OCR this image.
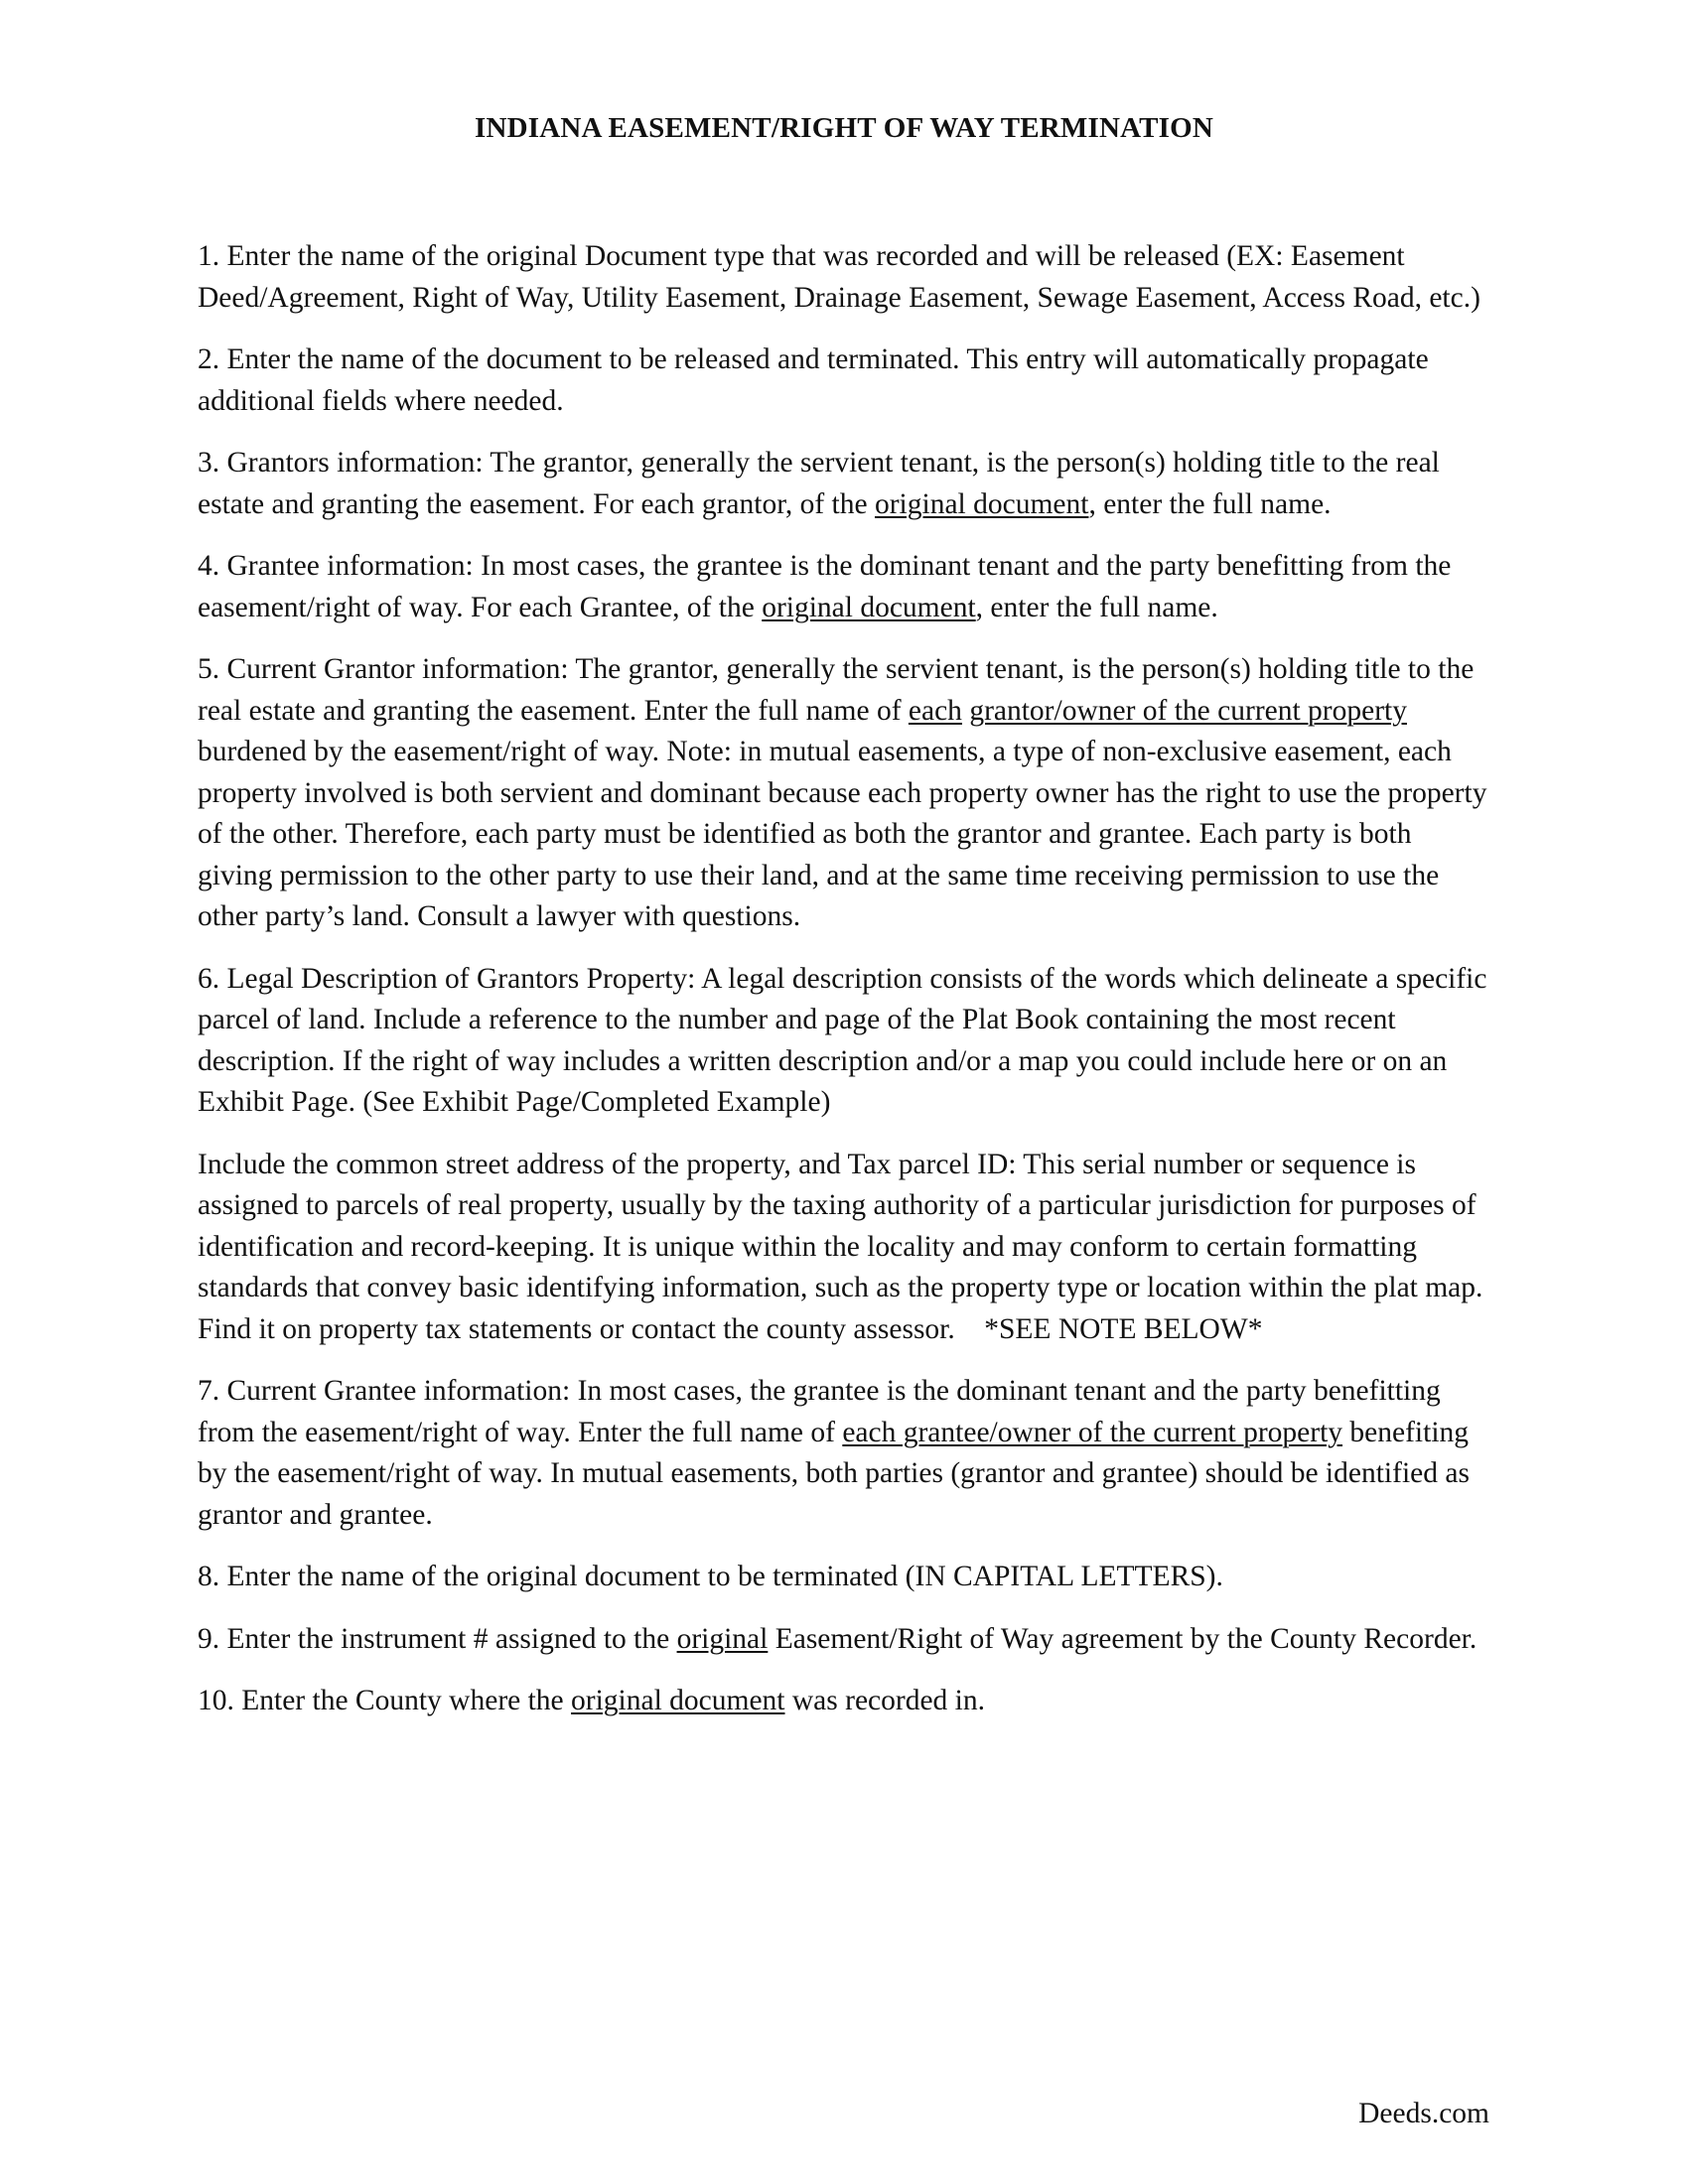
INDIANA EASEMENT/RIGHT OF WAY TERMINATION

1. Enter the name of the original Document type that was recorded and will be released (EX: Easement Deed/Agreement, Right of Way, Utility Easement, Drainage Easement, Sewage Easement, Access Road, etc.)

2. Enter the name of the document to be released and terminated. This entry will automatically propagate additional fields where needed.

3. Grantors information: The grantor, generally the servient tenant, is the person(s) holding title to the real estate and granting the easement. For each grantor, of the original document, enter the full name.

4. Grantee information: In most cases, the grantee is the dominant tenant and the party benefitting from the easement/right of way. For each Grantee, of the original document, enter the full name.

5. Current Grantor information: The grantor, generally the servient tenant, is the person(s) holding title to the real estate and granting the easement. Enter the full name of each grantor/owner of the current property burdened by the easement/right of way. Note: in mutual easements, a type of non-exclusive easement, each property involved is both servient and dominant because each property owner has the right to use the property of the other. Therefore, each party must be identified as both the grantor and grantee. Each party is both giving permission to the other party to use their land, and at the same time receiving permission to use the other party’s land. Consult a lawyer with questions.

6. Legal Description of Grantors Property: A legal description consists of the words which delineate a specific parcel of land. Include a reference to the number and page of the Plat Book containing the most recent description. If the right of way includes a written description and/or a map you could include here or on an Exhibit Page. (See Exhibit Page/Completed Example)

Include the common street address of the property, and Tax parcel ID: This serial number or sequence is assigned to parcels of real property, usually by the taxing authority of a particular jurisdiction for purposes of identification and record-keeping. It is unique within the locality and may conform to certain formatting standards that convey basic identifying information, such as the property type or location within the plat map. Find it on property tax statements or contact the county assessor.    *SEE NOTE BELOW*

7. Current Grantee information: In most cases, the grantee is the dominant tenant and the party benefitting from the easement/right of way. Enter the full name of each grantee/owner of the current property benefiting by the easement/right of way. In mutual easements, both parties (grantor and grantee) should be identified as grantor and grantee.

8. Enter the name of the original document to be terminated (IN CAPITAL LETTERS).

9. Enter the instrument # assigned to the original Easement/Right of Way agreement by the County Recorder.

10. Enter the County where the original document was recorded in.

Deeds.com
